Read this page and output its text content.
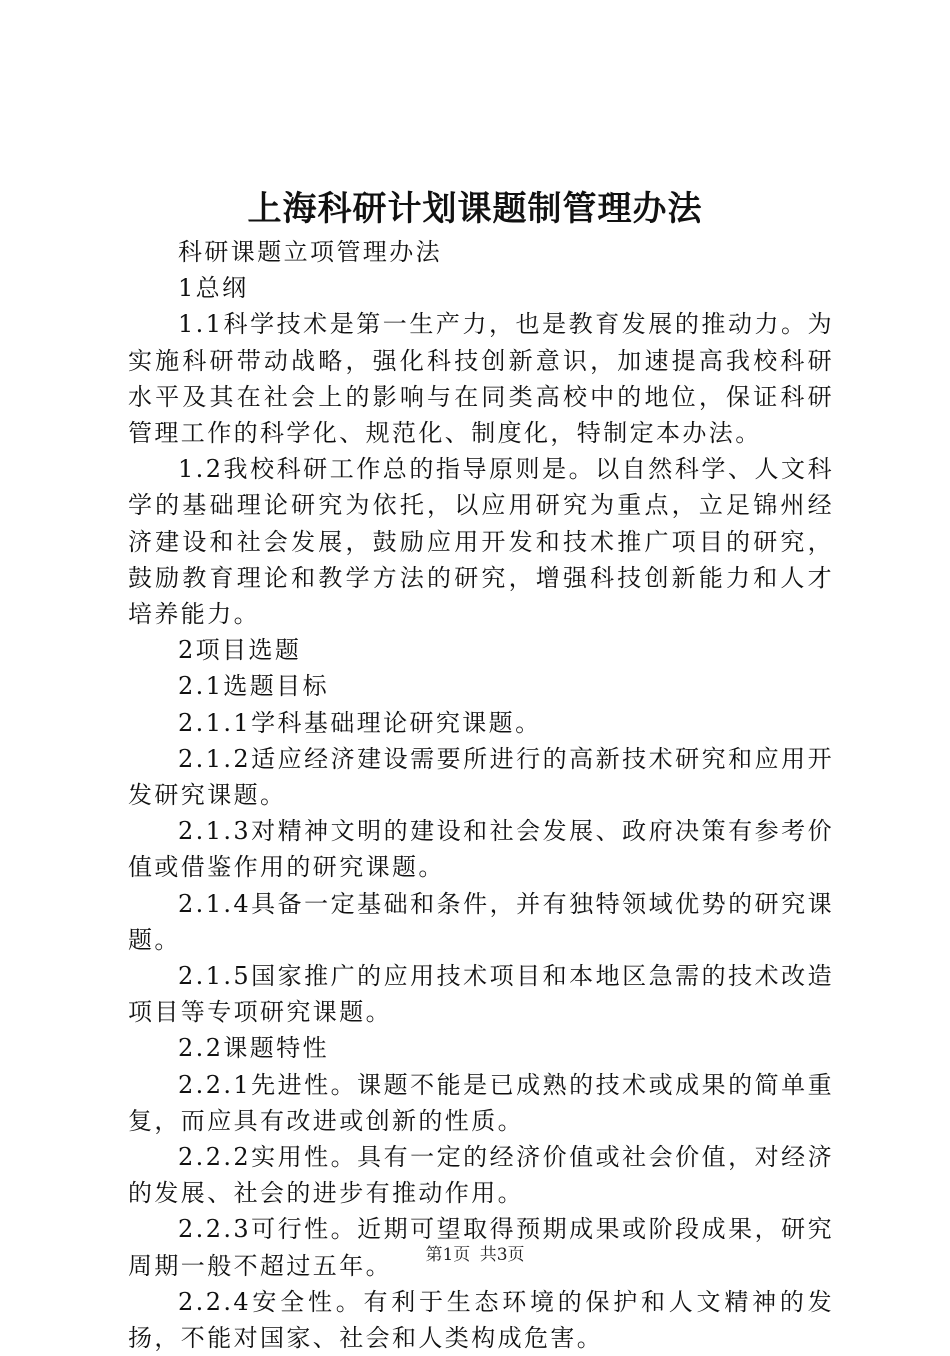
上海科研计划课题制管理办法

科研课题立项管理办法

1总纲

1.1科学技术是第一生产力，也是教育发展的推动力。为实施科研带动战略，强化科技创新意识，加速提高我校科研水平及其在社会上的影响与在同类高校中的地位，保证科研管理工作的科学化、规范化、制度化，特制定本办法。

1.2我校科研工作总的指导原则是。以自然科学、人文科学的基础理论研究为依托，以应用研究为重点，立足锦州经济建设和社会发展，鼓励应用开发和技术推广项目的研究，鼓励教育理论和教学方法的研究，增强科技创新能力和人才培养能力。

2项目选题

2.1选题目标

2.1.1学科基础理论研究课题。

2.1.2适应经济建设需要所进行的高新技术研究和应用开发研究课题。

2.1.3对精神文明的建设和社会发展、政府决策有参考价值或借鉴作用的研究课题。

2.1.4具备一定基础和条件，并有独特领域优势的研究课题。

2.1.5国家推广的应用技术项目和本地区急需的技术改造项目等专项研究课题。

2.2课题特性

2.2.1先进性。课题不能是已成熟的技术或成果的简单重复，而应具有改进或创新的性质。

2.2.2实用性。具有一定的经济价值或社会价值，对经济的发展、社会的进步有推动作用。

2.2.3可行性。近期可望取得预期成果或阶段成果，研究周期一般不超过五年。

2.2.4安全性。有利于生态环境的保护和人文精神的发扬，不能对国家、社会和人类构成危害。

第1页 共3页
